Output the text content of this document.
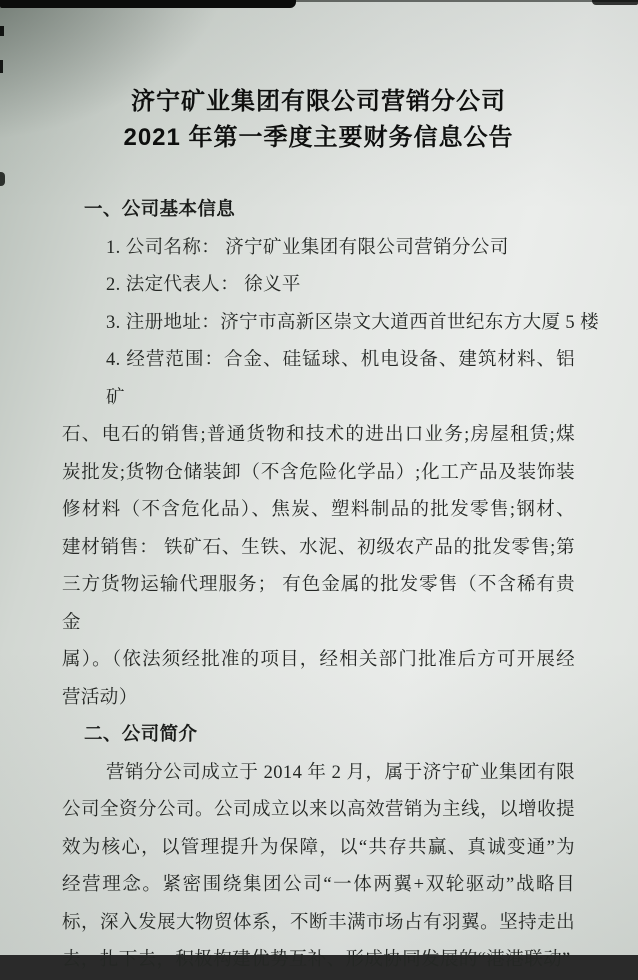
济宁矿业集团有限公司营销分公司
2021 年第一季度主要财务信息公告
一、公司基本信息
1. 公司名称： 济宁矿业集团有限公司营销分公司
2. 法定代表人： 徐义平
3. 注册地址：济宁市高新区崇文大道西首世纪东方大厦 5 楼
4. 经营范围：合金、硅锰球、机电设备、建筑材料、铝矿
石、电石的销售;普通货物和技术的进出口业务;房屋租赁;煤
炭批发;货物仓储装卸（不含危险化学品）;化工产品及装饰装
修材料（不含危化品）、焦炭、塑料制品的批发零售;钢材、
建材销售： 铁矿石、生铁、水泥、初级农产品的批发零售;第
三方货物运输代理服务； 有色金属的批发零售（不含稀有贵金
属）。（依法须经批准的项目，经相关部门批准后方可开展经
营活动）
二、公司简介
营销分公司成立于 2014 年 2 月，属于济宁矿业集团有限
公司全资分公司。公司成立以来以高效营销为主线，以增收提
效为核心，以管理提升为保障，以“共存共赢、真诚变通”为
经营理念。紧密围绕集团公司“一体两翼+双轮驱动”战略目
标，深入发展大物贸体系，不断丰满市场占有羽翼。坚持走出
去，扎下去，积极构建优势互补、形成协同发展的“港港联动”
